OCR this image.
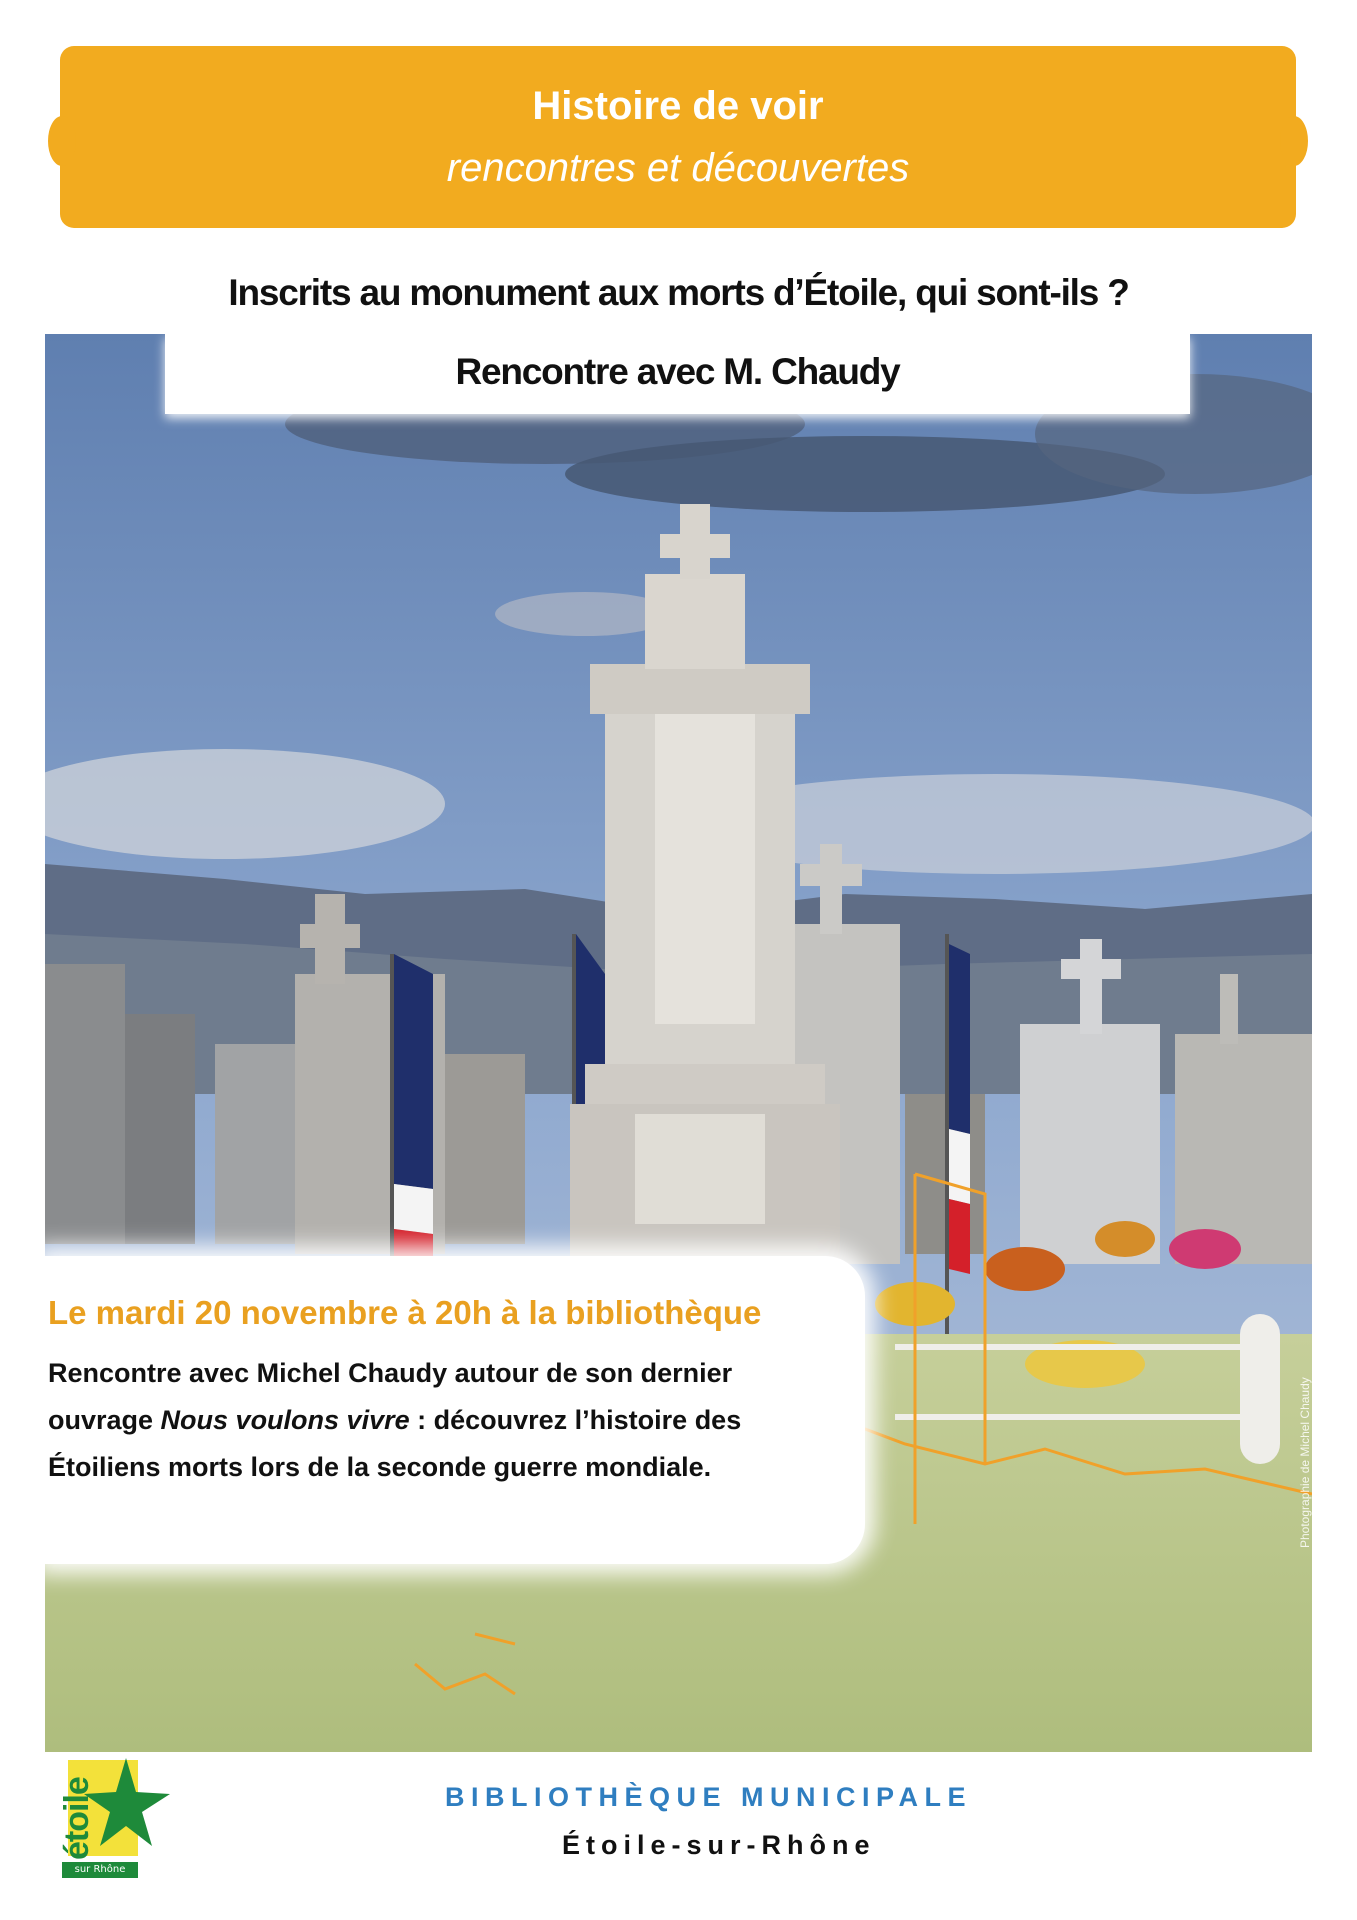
Histoire de voir
rencontres et découvertes
Inscrits au monument aux morts d’Étoile, qui sont-ils ?
Rencontre avec M. Chaudy
Le mardi 20 novembre à 20h à la bibliothèque
Rencontre avec Michel Chaudy autour de son dernier ouvrage Nous voulons vivre : découvrez l’histoire des Étoiliens morts lors de la seconde guerre mondiale.	Photographie de Michel Chaudy
étoile
sur Rhône
BIBLIOTHÈQUE MUNICIPALE
Étoile-sur-Rhône
